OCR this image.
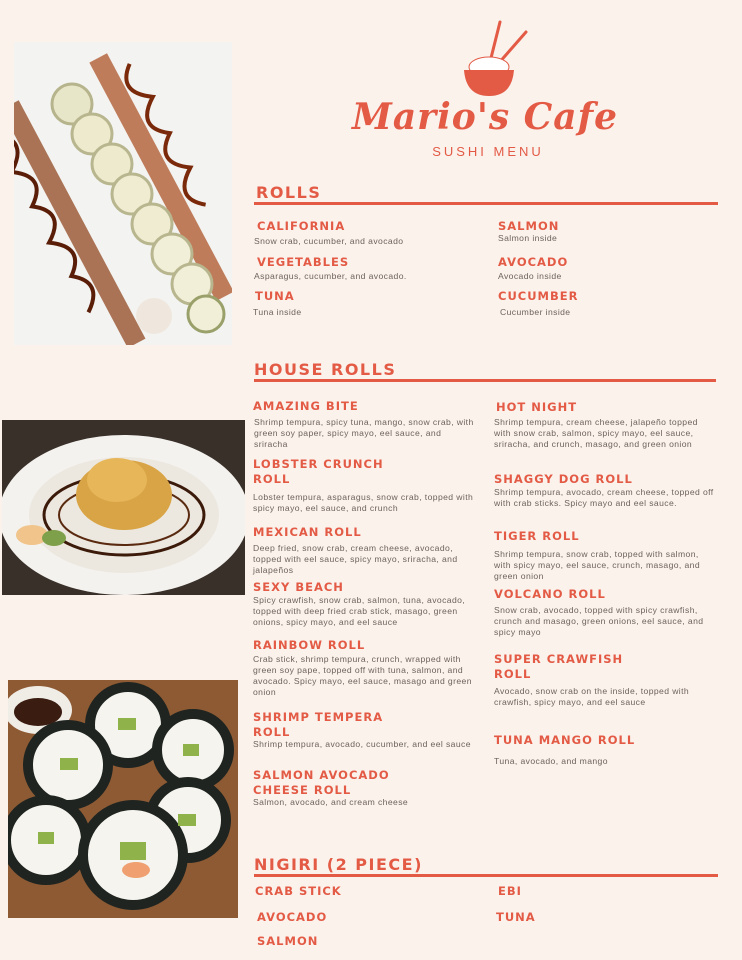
Mario's Cafe
SUSHI MENU
ROLLS
CALIFORNIA
Snow crab, cucumber, and avocado
VEGETABLES
Asparagus, cucumber, and avocado.
TUNA
Tuna inside
SALMON
Salmon inside
AVOCADO
Avocado inside
CUCUMBER
Cucumber inside
HOUSE ROLLS
AMAZING BITE
Shrimp tempura, spicy tuna, mango, snow crab, with green soy paper, spicy mayo, eel sauce, and sriracha
LOBSTER CRUNCH ROLL
Lobster tempura, asparagus, snow crab, topped with spicy mayo, eel sauce, and crunch
MEXICAN ROLL
Deep fried, snow crab, cream cheese, avocado, topped with eel sauce, spicy mayo, sriracha, and jalapeños
SEXY BEACH
Spicy crawfish, snow crab, salmon, tuna, avocado, topped with deep fried crab stick, masago, green onions, spicy mayo, and eel sauce
RAINBOW ROLL
Crab stick, shrimp tempura, crunch, wrapped with green soy pape, topped off with tuna, salmon, and avocado. Spicy mayo, eel sauce, masago and green onion
SHRIMP TEMPERA ROLL
Shrimp tempura, avocado, cucumber, and eel sauce
SALMON AVOCADO CHEESE ROLL
Salmon, avocado, and cream cheese
HOT NIGHT
Shrimp tempura, cream cheese, jalapeño topped with snow crab, salmon, spicy mayo, eel sauce, sriracha, and crunch, masago, and green onion
SHAGGY DOG ROLL
Shrimp tempura, avocado, cream cheese, topped off with crab sticks. Spicy mayo and eel sauce.
TIGER ROLL
Shrimp tempura, snow crab, topped with salmon, with spicy mayo, eel sauce, crunch, masago, and green onion
VOLCANO ROLL
Snow crab, avocado, topped with spicy crawfish, crunch and masago, green onions, eel sauce, and spicy mayo
SUPER CRAWFISH ROLL
Avocado, snow crab on the inside, topped with crawfish, spicy mayo, and eel sauce
TUNA MANGO ROLL
Tuna, avocado, and mango
NIGIRI (2 PIECE)
CRAB STICK
AVOCADO
SALMON
EBI
TUNA
